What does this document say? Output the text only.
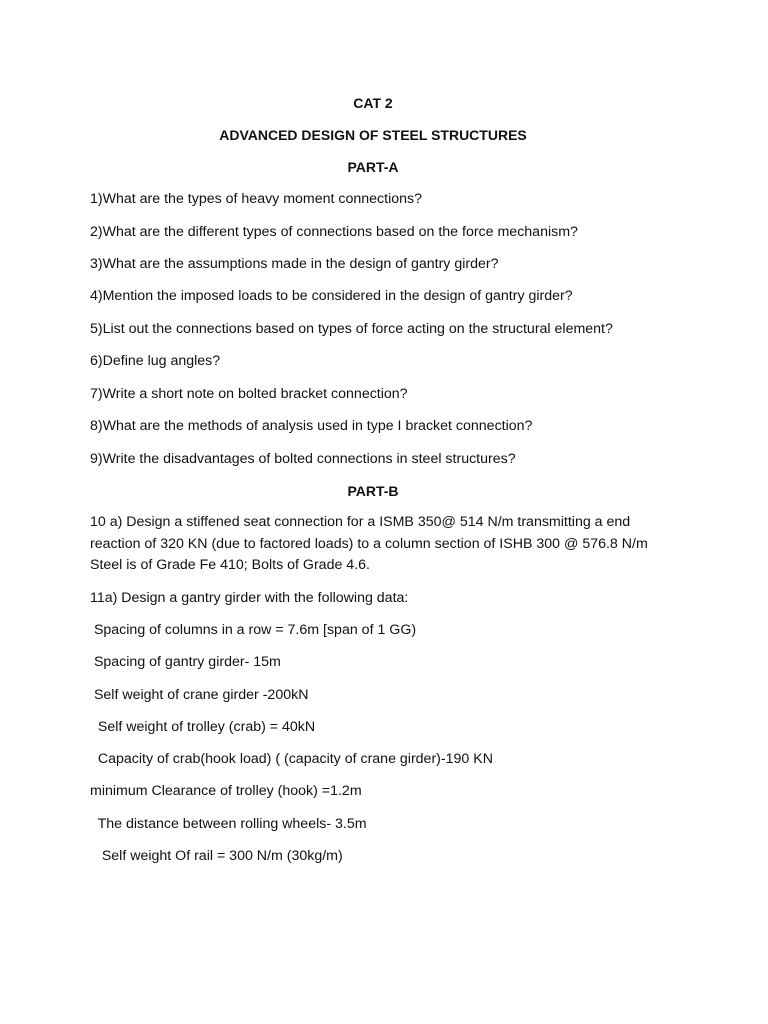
CAT 2
ADVANCED DESIGN OF STEEL STRUCTURES
PART-A
1)What are the types of heavy moment connections?
2)What are the different types of connections based on the force mechanism?
3)What are the assumptions made in the design of gantry girder?
4)Mention the imposed loads to be considered in the design of gantry girder?
5)List out the connections based on types of force acting on the structural element?
6)Define lug angles?
7)Write a short note on bolted bracket connection?
8)What are the methods of analysis used in type I bracket connection?
9)Write the disadvantages of bolted connections in steel structures?
PART-B
10 a) Design a stiffened seat connection for a ISMB 350@ 514 N/m transmitting a end reaction of 320 KN (due to factored loads) to a column section of ISHB 300 @ 576.8 N/m Steel is of Grade Fe 410; Bolts of Grade 4.6.
11a) Design a gantry girder with the following data:
Spacing of columns in a row = 7.6m [span of 1 GG)
Spacing of gantry girder- 15m
Self weight of crane girder -200kN
Self weight of trolley (crab) = 40kN
Capacity of crab(hook load) ( (capacity of crane girder)-190 KN
minimum Clearance of trolley (hook) =1.2m
The distance between rolling wheels- 3.5m
Self weight Of rail = 300 N/m (30kg/m)
